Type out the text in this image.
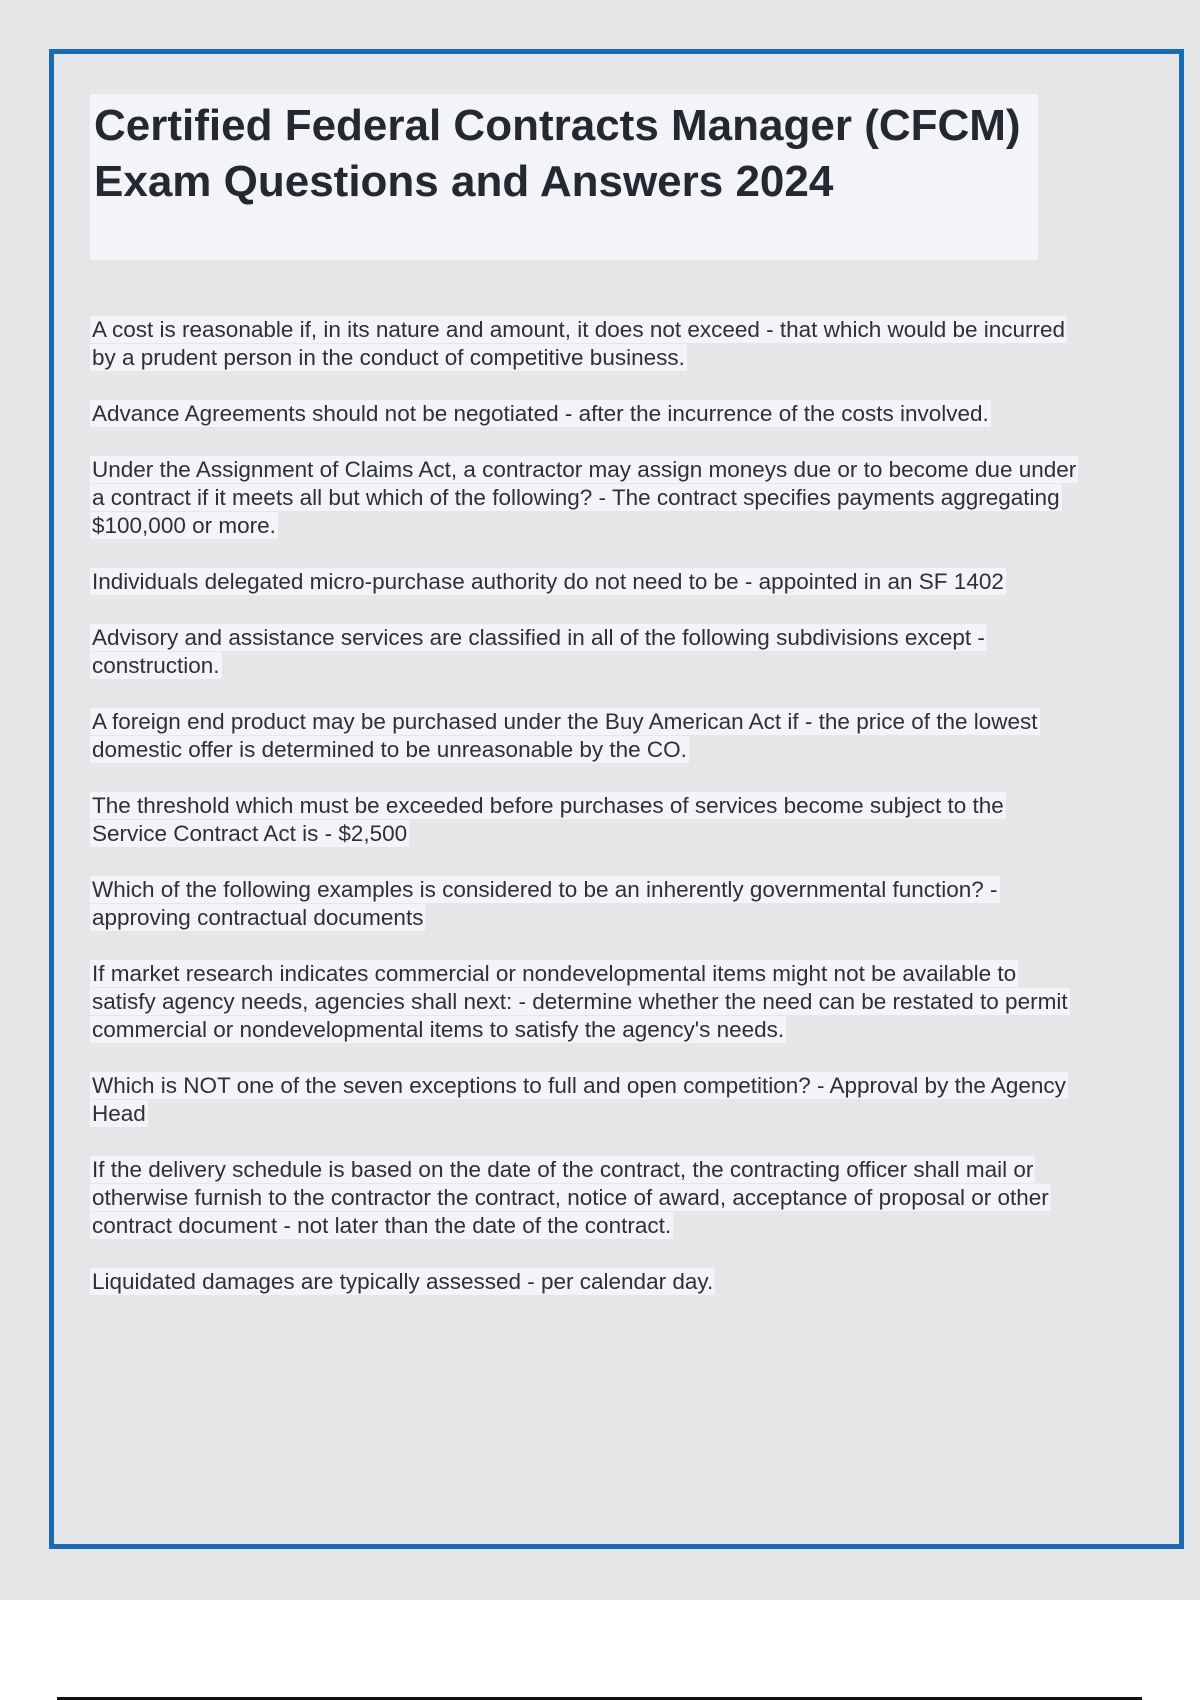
Certified Federal Contracts Manager (CFCM) Exam Questions and Answers 2024

A cost is reasonable if, in its nature and amount, it does not exceed - that which would be incurred by a prudent person in the conduct of competitive business.

Advance Agreements should not be negotiated - after the incurrence of the costs involved.

Under the Assignment of Claims Act, a contractor may assign moneys due or to become due under a contract if it meets all but which of the following? - The contract specifies payments aggregating $100,000 or more.

Individuals delegated micro-purchase authority do not need to be - appointed in an SF 1402

Advisory and assistance services are classified in all of the following subdivisions except - construction.

A foreign end product may be purchased under the Buy American Act if - the price of the lowest domestic offer is determined to be unreasonable by the CO.

The threshold which must be exceeded before purchases of services become subject to the Service Contract Act is - $2,500

Which of the following examples is considered to be an inherently governmental function? - approving contractual documents

If market research indicates commercial or nondevelopmental items might not be available to satisfy agency needs, agencies shall next: - determine whether the need can be restated to permit commercial or nondevelopmental items to satisfy the agency's needs.

Which is NOT one of the seven exceptions to full and open competition? - Approval by the Agency Head

If the delivery schedule is based on the date of the contract, the contracting officer shall mail or otherwise furnish to the contractor the contract, notice of award, acceptance of proposal or other contract document - not later than the date of the contract.

Liquidated damages are typically assessed - per calendar day.
